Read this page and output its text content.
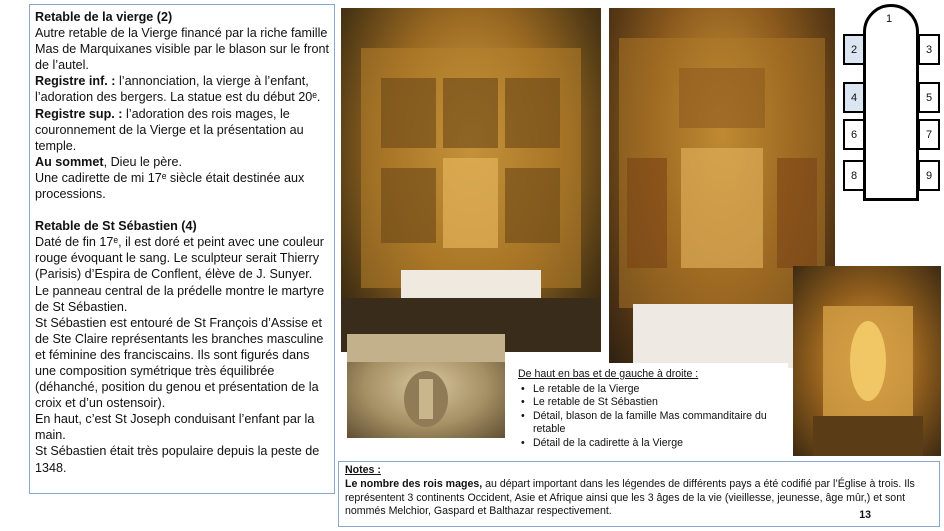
Retable de la vierge (2)
Autre retable de la Vierge financé par la riche famille Mas de Marquixanes visible par le blason sur le front de l’autel.
Registre inf. : l’annonciation, la vierge à l’enfant, l’adoration des bergers. La statue est du début 20ᵉ.
Registre sup. : l’adoration des rois mages, le couronnement de la Vierge et la présentation au temple.
Au sommet, Dieu le père.
Une cadirette de mi 17ᵉ siècle était destinée aux processions.
Retable de St Sébastien (4)
Daté de fin 17ᵉ, il est doré et peint avec une couleur rouge évoquant le sang. Le sculpteur serait Thierry (Parisis) d’Espira de Conflent, élève de J. Sunyer.
Le panneau central de la prédelle montre le martyre de St Sébastien.
St Sébastien est entouré de St François d’Assise et de Ste Claire représentants les branches masculine et féminine des franciscains. Ils sont figurés dans une composition symétrique très équilibrée (déhanché, position du genou et présentation de la croix et d’un ostensoir).
En haut, c’est St Joseph conduisant l’enfant par la main.
St Sébastien était très populaire depuis la peste de 1348.
De haut en bas et de gauche à droite :
• Le retable de la Vierge
• Le retable de St Sébastien
• Détail, blason de la famille Mas commanditaire du retable
• Détail de la cadirette à la Vierge
Notes :
Le nombre des rois mages, au départ important dans les légendes de différents pays a été codifié par l’Église à trois. Ils représentent 3 continents Occident, Asie et Afrique ainsi que les 3 âges de la vie (vieillesse, jeunesse, âge mûr,) et sont nommés Melchior, Gaspard et Balthazar respectivement.	13
1
2	3
4	5
6	7
8	9
